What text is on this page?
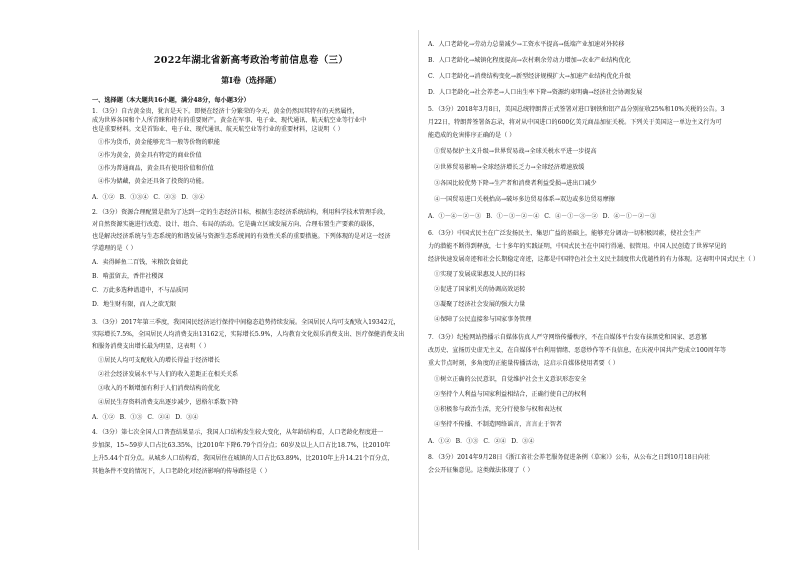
2022年湖北省新高考政治考前信息卷（三）
第Ⅰ卷（选择题）
一、选择题（本大题共16小题，满分48分，每小题3分）
1．（3分）自古黄金贵，犹言是天下。即便在经济十分繁荣的今天，黄金仍然因其特有的天然属性，
成为世界各国和个人所青睐和持有的重要财产。黄金在军事、电子业、现代通讯、航天航空业等行业中
也是重要材料。文是首饰业、电子业、现代通讯、航天航空业等行业的重要材料，这说明（ ）
①作为货币，黄金能够充当一般等价物的职能
②作为黄金，黄金具有特定的商业价值
③作为普通商品，黄金具有使用价值和价值
④作为储藏，黄金还具备了投资的功能。
A．①② B．①③④ C．②③ D．③④
2．（3分）资源合理配置是指为了达到一定的生态经济目标，根据生态经济系统结构，利用科学技术管理手段，
对自然资源实施进行改造、设计、组合、布局的活动。它是确立区域发展方向、合理布置生产要素的载体，
也是解决经济系统与生态系统的和谐发展与资源生态系统间的有效性关系的重要措施。下列体现的是对这一经济
学道理的是（ ）
A．卖得鲜鱼二百钱，米粮饮食如此
B．啃蛋留去，香伴社稷深
C．万此多选种谱道中，不与品质同
D．地生财有限，而人之欲无限
3．（3分）2017年第三季度，我国国民经济运行保持中间稳态趋势持续发展。全国居民人均可支配收入19342元，
实际增长7.5%，全国居民人均消费支出13162元，实际增长5.9%，人均教育文化娱乐消费支出、医疗保健消费支出
和服务消费支出增长最为明显，这表明（ ）
①居民人均可支配收入的增长得益于经济增长
②社会经济发展水平与人们的收入差距正在相关关系
③收入的不断增加有利于人们消费结构的优化
④居民生存资料消费支出逐步减少，恩格尔系数下降
A．①② B．①③ C．②④ D．③④
4．（3分）第七次全国人口普查结果显示，我国人口结构发生较大变化，从年龄结构看，人口老龄化程度进一
步加深，15~59岁人口占比63.35%，比2010年下降6.79个百分点；60岁及以上人口占比18.7%，比2010年
上升5.44个百分点。从城乡人口结构看，我国居住在城镇的人口占比63.89%，比2010年上升14.21个百分点，
其他条件不变的情况下，人口老龄化对经济影响的传导路径是（ ）
A．人口老龄化→劳动力总量减少→工资水平提高→低端产业加速对外转移
B．人口老龄化→城镇化程度提高→农村剩余劳动力增加→农业产业结构优化
C．人口老龄化→消费结构变化→新型经济规模扩大→加速产业结构优化升级
D．人口老龄化→社会养老→人口出生率下降→资源约束明确→经济社会协调发展
5．（3分）2018年3月8日，美国总统特朗普正式签署对进口钢铁和铝产品分别征收25%和10%关税的公告。3
月22日，特朗普签署备忘录，将对从中国进口的600亿美元商品加征关税。下列关于美国这一单边主义行为可
能造成的危害排序正确的是（ ）
①贸易保护主义升级→世界贸易战→全球关税水平进一步提高
②世界贸易影响→全球经济增长乏力→全球经济增速放缓
③各国比较优势下降→生产者和消费者利益受损→进出口减少
④一国贸易进口关税抬高→破坏多边贸易体系→双边或多边贸易摩擦
A．①－④－②－③ B．①－③－②－④ C．④－①－③－② D．④－①－②－③
6．（3分）中国式民主在广泛发扬民主、集思广益的基础上，能够充分调动一切积极因素，使社会生产
力的潜能不断得到释放，七十多年的实践证明，中国式民主在中国行得通、很管用。中国人民创造了世界罕见的
经济快速发展奇迹和社会长期稳定奇迹，这都是中国特色社会主义民主制度伟大优越性的有力体现。这表明中国式民主（ ）
①实现了发展成果惠及人民的目标
②促进了国家机关的协调高效运转
③凝聚了经济社会发展的强大力量
④保障了公民直接参与国家事务管理
7．（3分）纪检网站热播示自媒体仿真人严守网络传播秩序，不在自媒体平台发布抹黑党和国家、恶意篡
改历史、宣扬历史虚无主义，在自媒体平台利用情绪、恶意炒作等不良信息，在庆祝中国共产党成立100周年等
重大节点时刻，多角度的正能量传播活动，这启示自媒体使用者要（ ）
①树立正确的公民意识，自觉维护社会主义意识形态安全
②坚持个人利益与国家利益相结合，正确行使自己的权利
③积极参与政治生活，充分行使参与权和表达权
④坚持不传播、不制造网络谣言，言言止于智者
A．①② B．①③ C．②④ D．③④
8．（3分）2014年9月28日《浙江省社会养老服务促进条例（草案）》公布，从公布之日到10月18日向社
会公开征集意见。这类做法体现了（ ）
